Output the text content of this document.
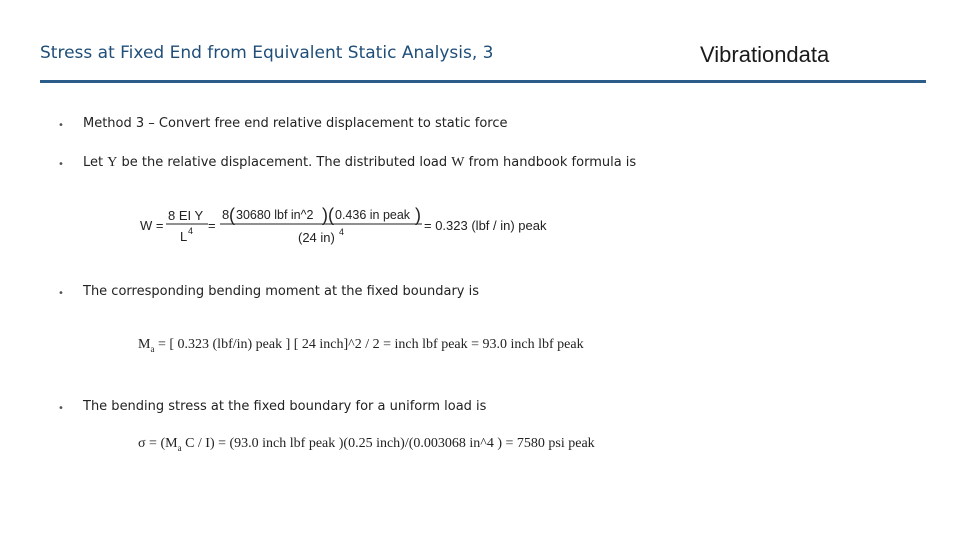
Stress at Fixed End from Equivalent Static Analysis, 3	Vibrationdata
• Method 3 – Convert free end relative displacement to static force
• Let Y be the relative displacement. The distributed load W from handbook formula is
W =
8 EI Y
L 4 =
8 ( 30680 lbf in^2 ) ( 0.436 in peak )
(24 in) 4	= 0.323 (lbf / in) peak
• The corresponding bending moment at the fixed boundary is
$M_a$ = [ 0.323 (lbf/in) peak ] [ 24 inch]^2 / 2 = inch lbf peak = 93.0 inch lbf peak
• The bending stress at the fixed boundary for a uniform load is
$\sigma = (M_a$ C / I) = (93.0 inch lbf peak )(0.25 inch)/(0.003068 in^4 ) = 7580 psi peak
